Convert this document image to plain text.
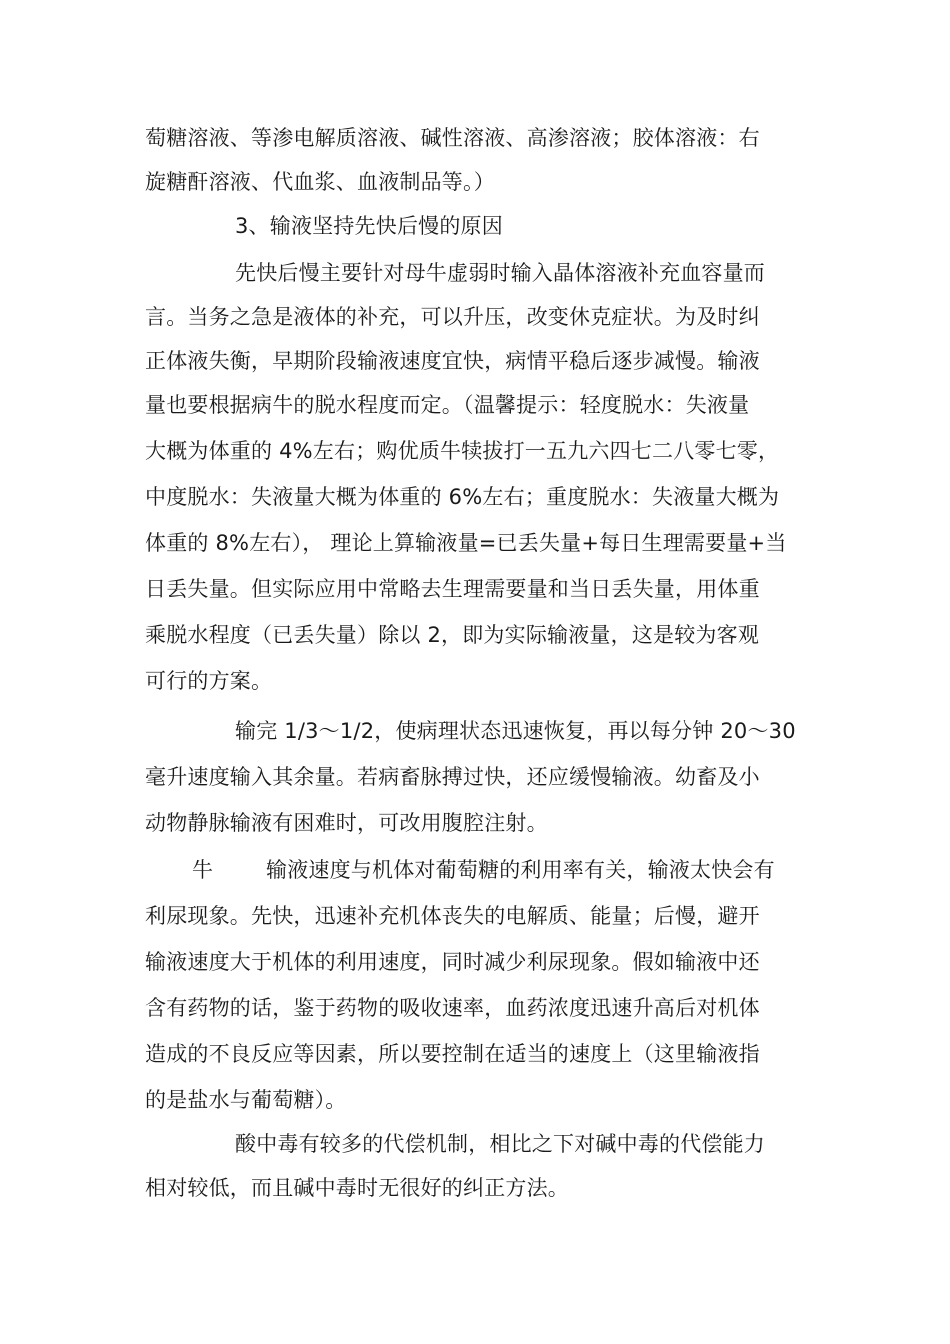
萄糖溶液、等渗电解质溶液、碱性溶液、高渗溶液；胶体溶液：右
旋糖酐溶液、代血浆、血液制品等。）
3、输液坚持先快后慢的原因
先快后慢主要针对母牛虚弱时输入晶体溶液补充血容量而
言。当务之急是液体的补充，可以升压，改变休克症状。为及时纠
正体液失衡，早期阶段输液速度宜快，病情平稳后逐步减慢。输液
量也要根据病牛的脱水程度而定。（温馨提示：轻度脱水：失液量
大概为体重的 4%左右；购优质牛犊拔打一五九六四七二八零七零，
中度脱水：失液量大概为体重的 6%左右；重度脱水：失液量大概为
体重的 8%左右）， 理论上算输液量=已丢失量+每日生理需要量+当
日丢失量。但实际应用中常略去生理需要量和当日丢失量，用体重
乘脱水程度（已丢失量）除以 2，即为实际输液量，这是较为客观
可行的方案。
输完 1/3～1/2，使病理状态迅速恢复，再以每分钟 20～30
毫升速度输入其余量。若病畜脉搏过快，还应缓慢输液。幼畜及小
动物静脉输液有困难时，可改用腹腔注射。
牛	输液速度与机体对葡萄糖的利用率有关，输液太快会有
利尿现象。先快，迅速补充机体丧失的电解质、能量；后慢，避开
输液速度大于机体的利用速度，同时减少利尿现象。假如输液中还
含有药物的话，鉴于药物的吸收速率，血药浓度迅速升高后对机体
造成的不良反应等因素，所以要控制在适当的速度上（这里输液指
的是盐水与葡萄糖）。
酸中毒有较多的代偿机制，相比之下对碱中毒的代偿能力
相对较低，而且碱中毒时无很好的纠正方法。
